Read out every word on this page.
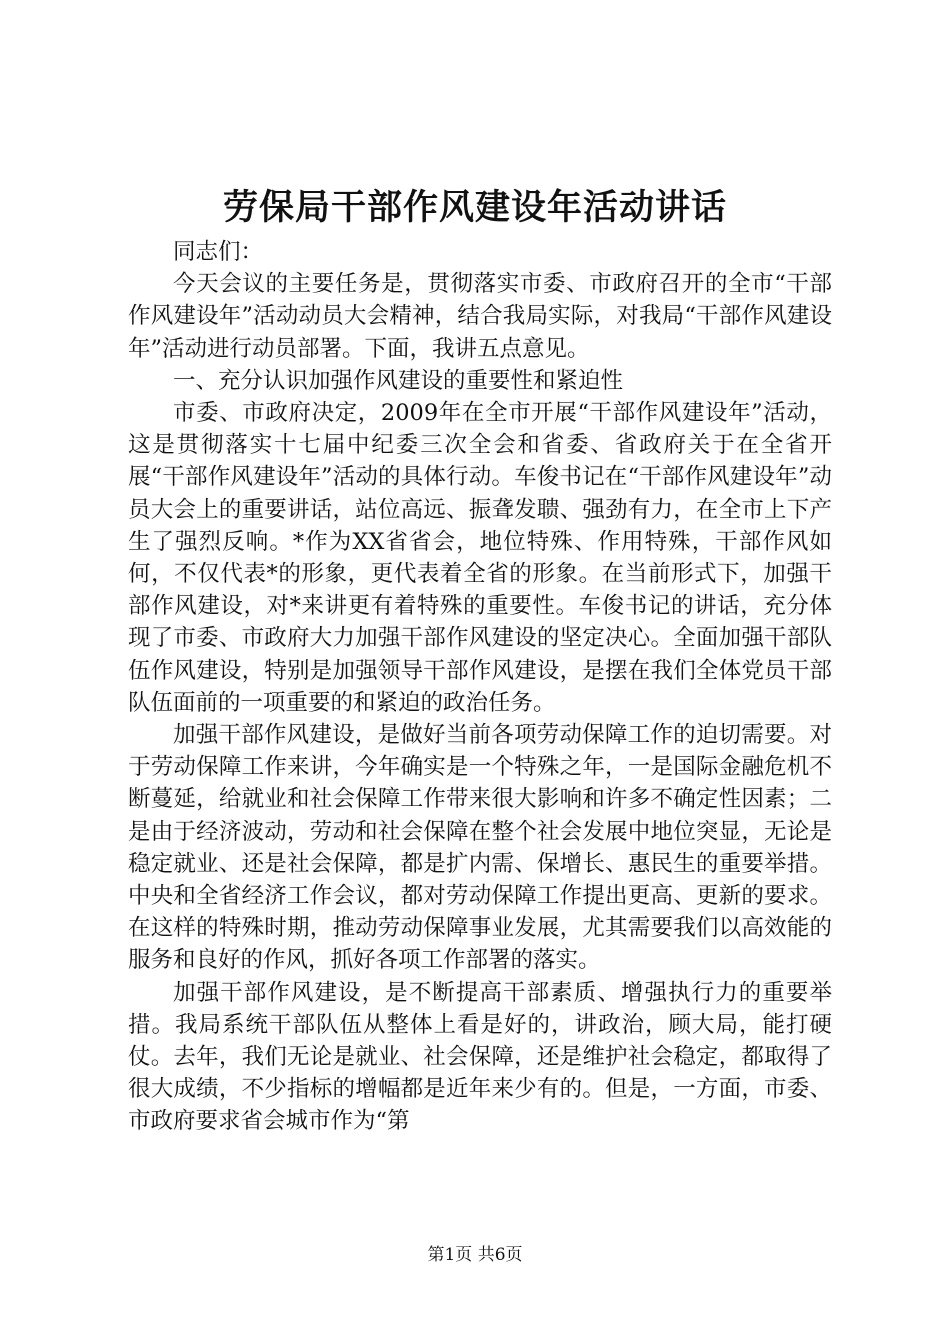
劳保局干部作风建设年活动讲话

同志们：

今天会议的主要任务是，贯彻落实市委、市政府召开的全市“干部作风建设年”活动动员大会精神，结合我局实际，对我局“干部作风建设年”活动进行动员部署。下面，我讲五点意见。

一、充分认识加强作风建设的重要性和紧迫性

市委、市政府决定，2009年在全市开展“干部作风建设年”活动，这是贯彻落实十七届中纪委三次全会和省委、省政府关于在全省开展“干部作风建设年”活动的具体行动。车俊书记在“干部作风建设年”动员大会上的重要讲话，站位高远、振聋发聩、强劲有力，在全市上下产生了强烈反响。*作为XX省省会，地位特殊、作用特殊，干部作风如何，不仅代表*的形象，更代表着全省的形象。在当前形式下，加强干部作风建设，对*来讲更有着特殊的重要性。车俊书记的讲话，充分体现了市委、市政府大力加强干部作风建设的坚定决心。全面加强干部队伍作风建设，特别是加强领导干部作风建设，是摆在我们全体党员干部队伍面前的一项重要的和紧迫的政治任务。

加强干部作风建设，是做好当前各项劳动保障工作的迫切需要。对于劳动保障工作来讲，今年确实是一个特殊之年，一是国际金融危机不断蔓延，给就业和社会保障工作带来很大影响和许多不确定性因素；二是由于经济波动，劳动和社会保障在整个社会发展中地位突显，无论是稳定就业、还是社会保障，都是扩内需、保增长、惠民生的重要举措。中央和全省经济工作会议，都对劳动保障工作提出更高、更新的要求。在这样的特殊时期，推动劳动保障事业发展，尤其需要我们以高效能的服务和良好的作风，抓好各项工作部署的落实。

加强干部作风建设，是不断提高干部素质、增强执行力的重要举措。我局系统干部队伍从整体上看是好的，讲政治，顾大局，能打硬仗。去年，我们无论是就业、社会保障，还是维护社会稳定，都取得了很大成绩，不少指标的增幅都是近年来少有的。但是，一方面，市委、市政府要求省会城市作为“第

第1页 共6页
